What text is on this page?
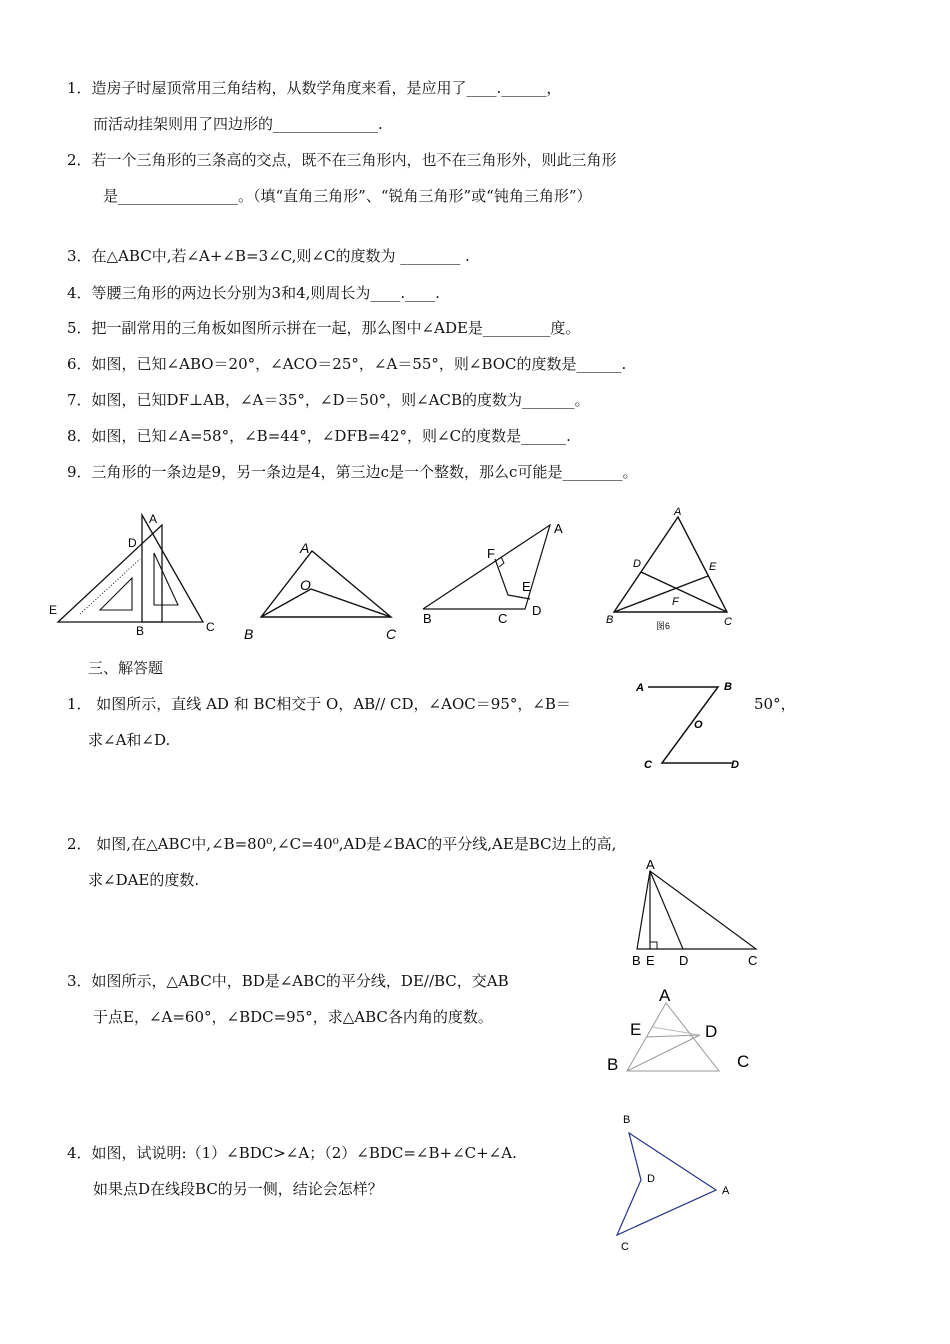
1．造房子时屋顶常用三角结构，从数学角度来看，是应用了____.______，
而活动挂架则用了四边形的______________.
2．若一个三角形的三条高的交点，既不在三角形内，也不在三角形外，则此三角形
是________________。（填“直角三角形”、“锐角三角形”或“钝角三角形”）
3．在△ABC中,若∠A+∠B=3∠C,则∠C的度数为 ________ .
4．等腰三角形的两边长分别为3和4,则周长为____.____.
5．把一副常用的三角板如图所示拼在一起，那么图中∠ADE是_________度。
6．如图，已知∠ABO＝20°，∠ACO＝25°，∠A＝55°，则∠BOC的度数是______.
7．如图，已知DF⊥AB，∠A＝35°，∠D＝50°，则∠ACB的度数为_______。
8．如图，已知∠A=58°，∠B=44°，∠DFB=42°，则∠C的度数是______.
9．三角形的一条边是9，另一条边是4，第三边c是一个整数，那么c可能是________。
A
D
E
B	C
A
O
B	C
A
F
E
B	C
D
A
D	E
F
B	C
图6
三、解答题
1． 如图所示，直线 AD 和 BC相交于 O，AB// CD，∠AOC＝95°，∠B＝	50°，
求∠A和∠D.
A	B
O
C	D
2． 如图,在△ABC中,∠B=80⁰,∠C=40⁰,AD是∠BAC的平分线,AE是BC边上的高,
求∠DAE的度数.
A
B E D	C
3．如图所示，△ABC中，BD是∠ABC的平分线，DE//BC，交AB
于点E，∠A=60°，∠BDC=95°，求△ABC各内角的度数。
A
E	D
B	C
4．如图，试说明:（1）∠BDC>∠A；（2）∠BDC=∠B+∠C+∠A.
如果点D在线段BC的另一侧，结论会怎样？
B
D
A
C
